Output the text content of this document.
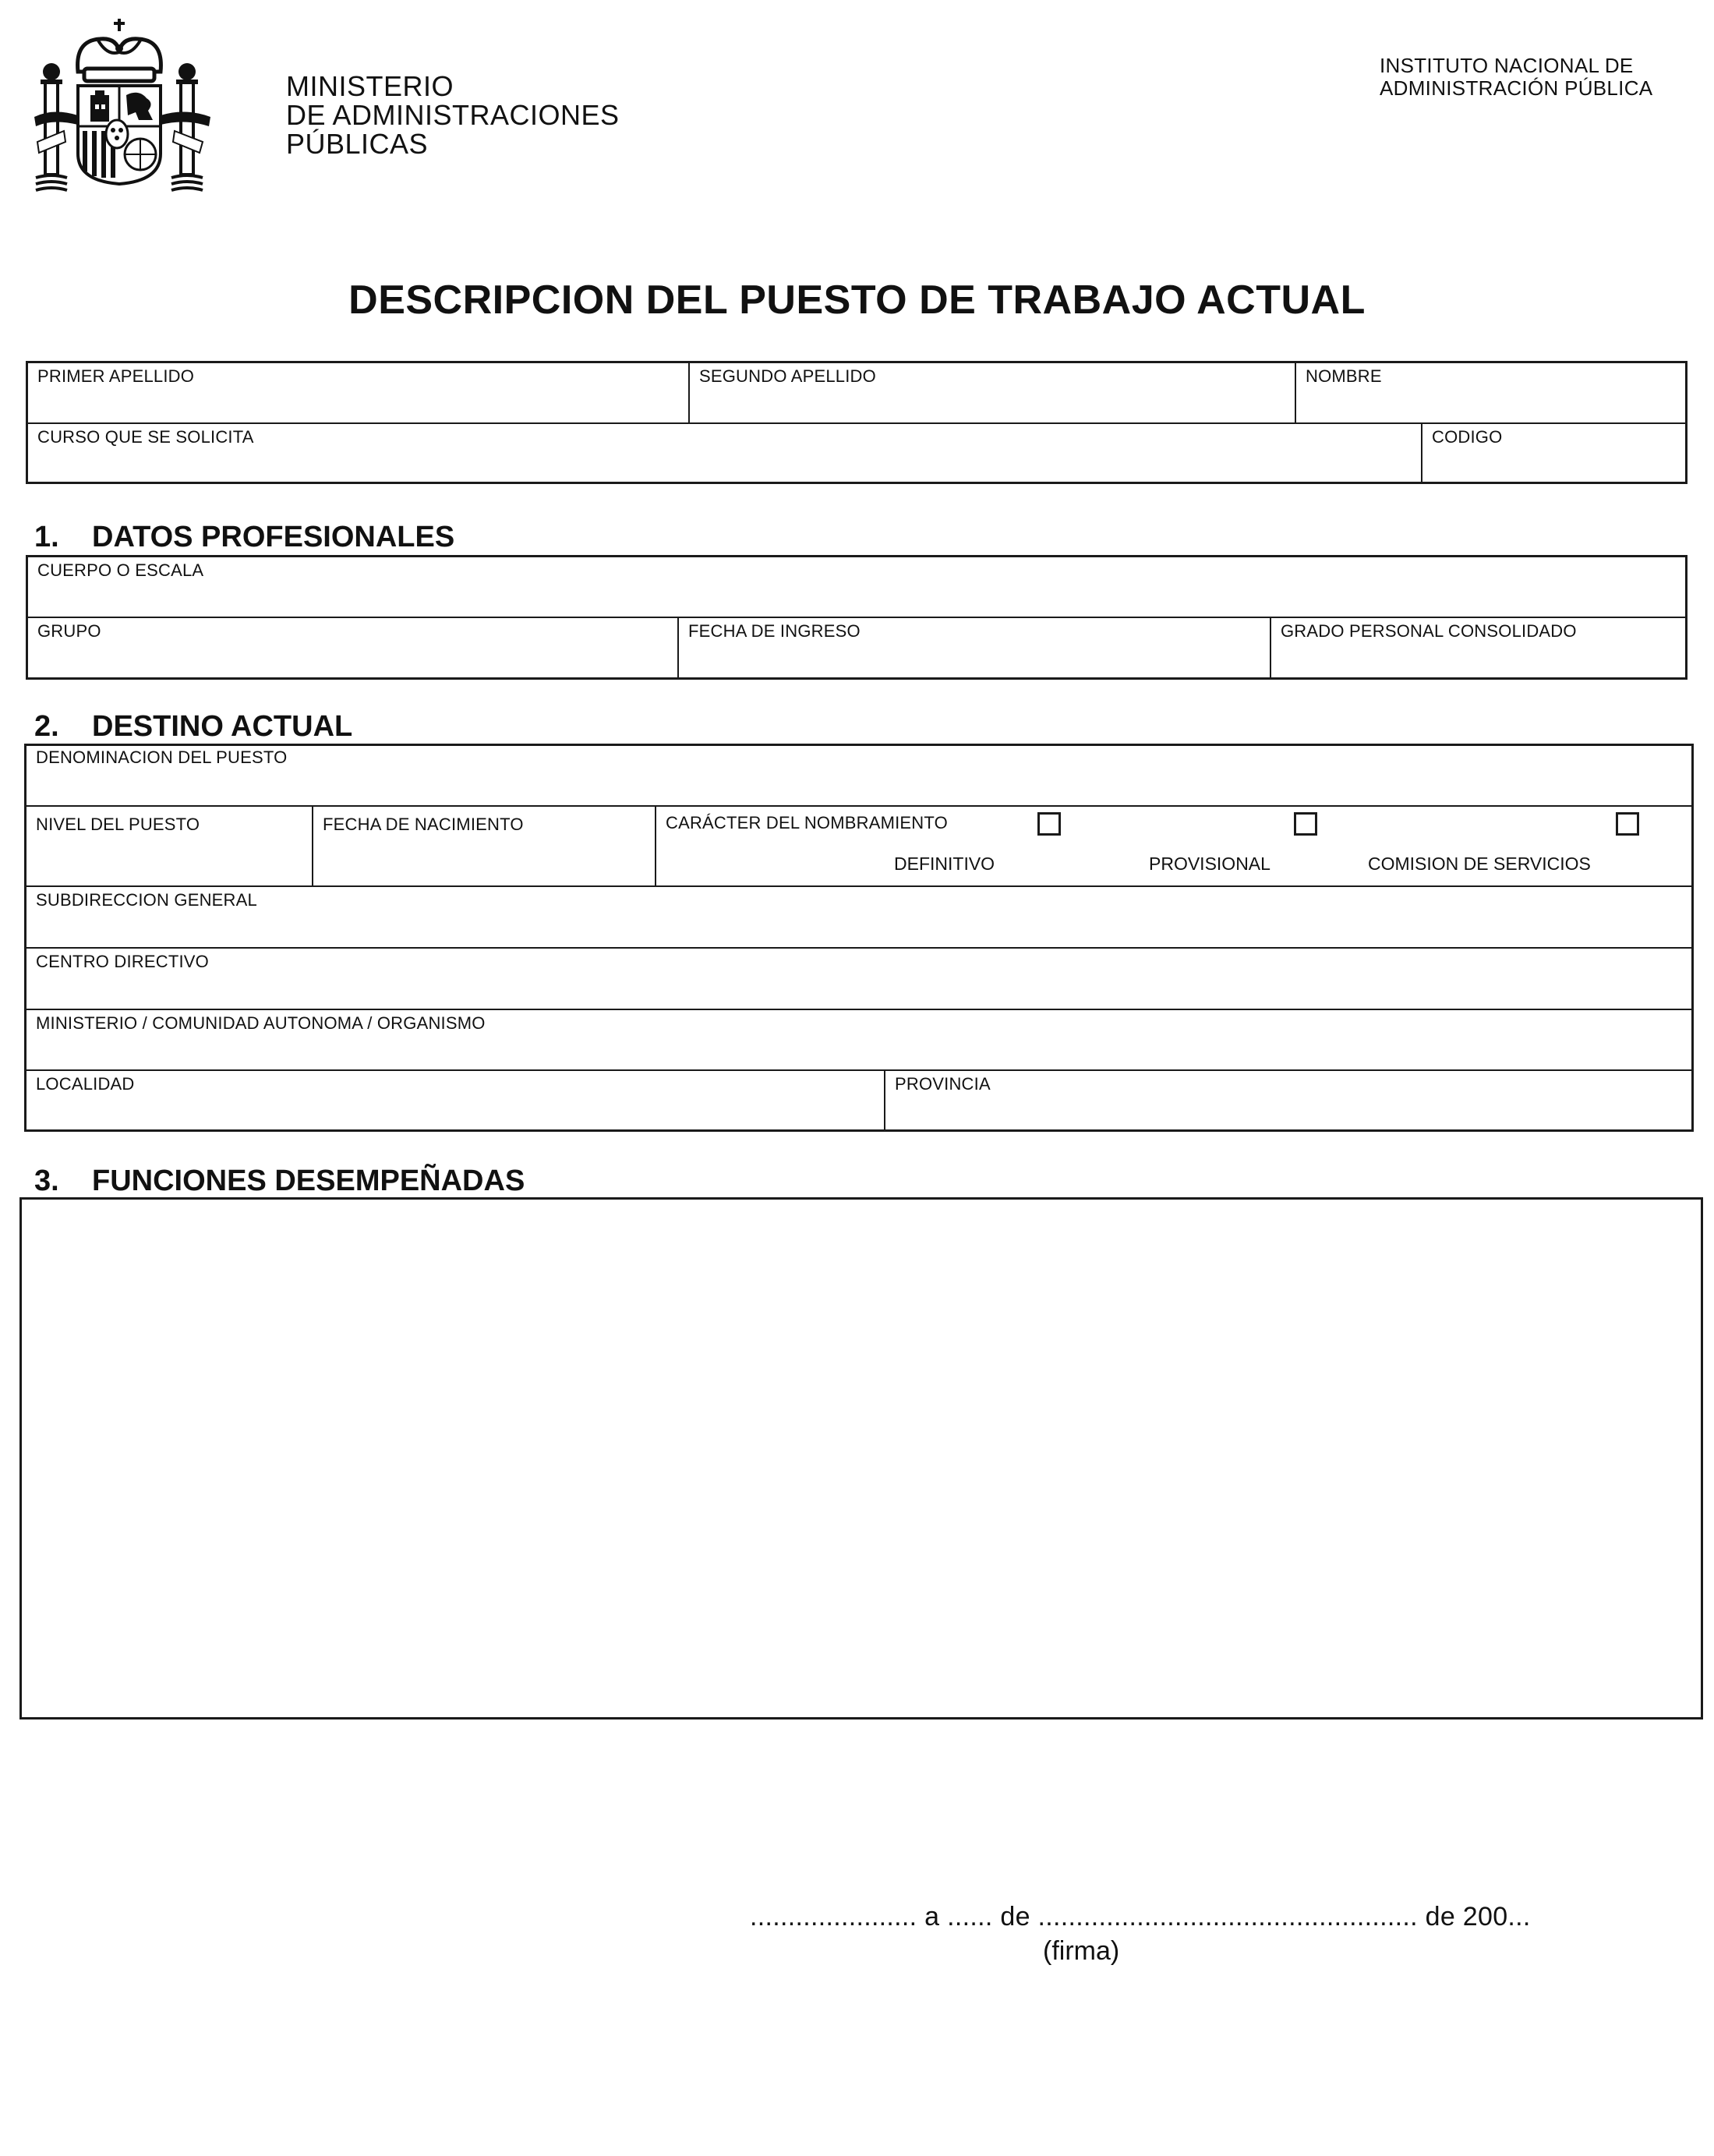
MINISTERIO
DE ADMINISTRACIONES
PÚBLICAS
INSTITUTO NACIONAL DE
ADMINISTRACIÓN PÚBLICA
DESCRIPCION DEL PUESTO DE TRABAJO ACTUAL
PRIMER APELLIDO	SEGUNDO APELLIDO	NOMBRE
CURSO QUE SE SOLICITA	CODIGO
1. DATOS PROFESIONALES
CUERPO O ESCALA
GRUPO	FECHA DE INGRESO	GRADO PERSONAL CONSOLIDADO
2. DESTINO ACTUAL
DENOMINACION DEL PUESTO
NIVEL DEL PUESTO	FECHA DE NACIMIENTO	CARÁCTER DEL NOMBRAMIENTO
DEFINITIVO	PROVISIONAL	COMISION DE SERVICIOS
SUBDIRECCION GENERAL
CENTRO DIRECTIVO
MINISTERIO / COMUNIDAD AUTONOMA / ORGANISMO
LOCALIDAD	PROVINCIA
3. FUNCIONES DESEMPEÑADAS
...................... a ...... de .................................................. de 200...
(firma)
